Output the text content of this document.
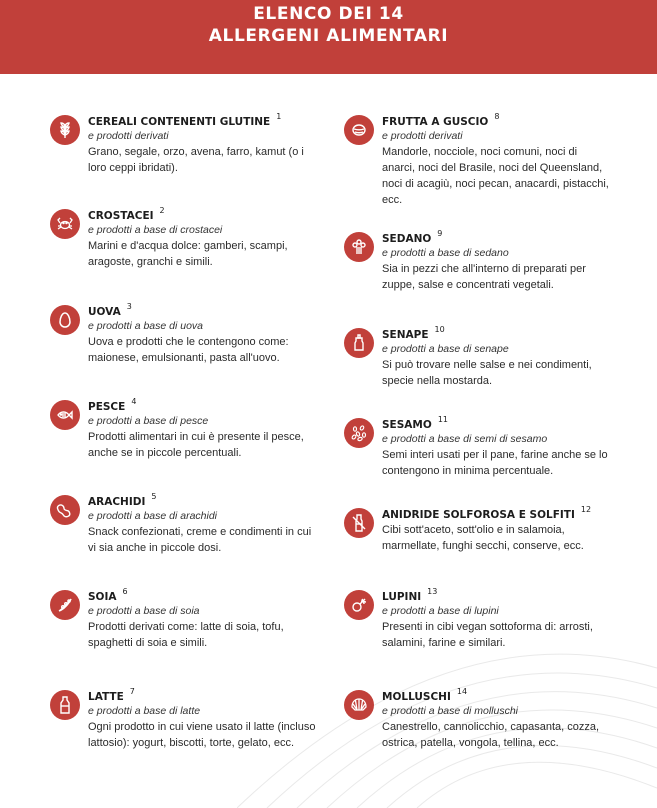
ELENCO DEI 14
ALLERGENI ALIMENTARI
CEREALI CONTENENTI GLUTINE $^1$
e prodotti derivati
Grano, segale, orzo, avena, farro, kamut (o i loro ceppi ibridati).
CROSTACEI $^2$
e prodotti a base di crostacei
Marini e d'acqua dolce: gamberi, scampi, aragoste, granchi e simili.
UOVA $^3$
e prodotti a base di uova
Uova e prodotti che le contengono come: maionese, emulsionanti, pasta all'uovo.
PESCE $^4$
e prodotti a base di pesce
Prodotti alimentari in cui è presente il pesce, anche se in piccole percentuali.
ARACHIDI $^5$
e prodotti a base di arachidi
Snack confezionati, creme e condimenti in cui vi sia anche in piccole dosi.
SOIA $^6$
e prodotti a base di soia
Prodotti derivati come: latte di soia, tofu, spaghetti di soia e simili.
LATTE $^7$
e prodotti a base di latte
Ogni prodotto in cui viene usato il latte (incluso lattosio): yogurt, biscotti, torte, gelato, ecc.
FRUTTA A GUSCIO $^8$
e prodotti derivati
Mandorle, nocciole, noci comuni, noci di anarci, noci del Brasile, noci del Queensland, noci di acagiù, noci pecan, anacardi, pistacchi, ecc.
SEDANO $^9$
e prodotti a base di sedano
Sia in pezzi che all'interno di preparati per zuppe, salse e concentrati vegetali.
SENAPE $^{10}$
e prodotti a base di senape
Si può trovare nelle salse e nei condimenti, specie nella mostarda.
SESAMO $^{11}$
e prodotti a base di semi di sesamo
Semi interi usati per il pane, farine anche se lo contengono in minima percentuale.
ANIDRIDE SOLFOROSA E SOLFITI $^{12}$
Cibi sott'aceto, sott'olio e in salamoia, marmellate, funghi secchi, conserve, ecc.
LUPINI $^{13}$
e prodotti a base di lupini
Presenti in cibi vegan sottoforma di: arrosti, salamini, farine e similari.
MOLLUSCHI $^{14}$
e prodotti a base di molluschi
Canestrello, cannolicchio, capasanta, cozza, ostrica, patella, vongola, tellina, ecc.
